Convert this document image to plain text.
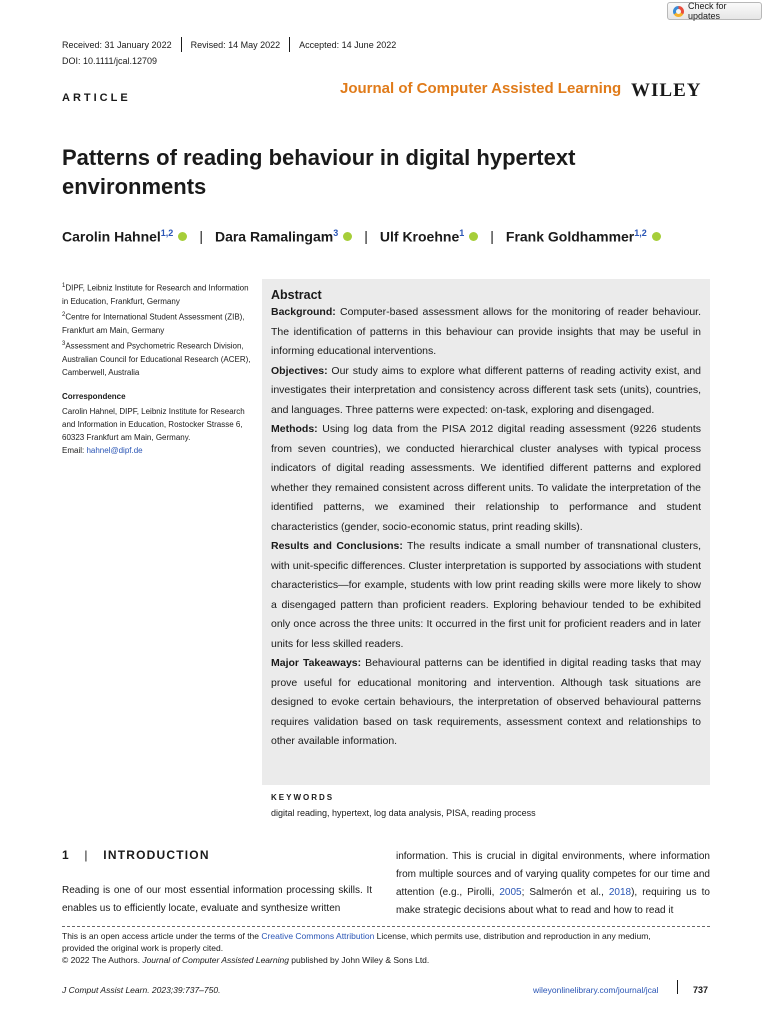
Check for updates
Received: 31 January 2022	Revised: 14 May 2022	Accepted: 14 June 2022
DOI: 10.1111/jcal.12709
ARTICLE
Journal of Computer Assisted Learning WILEY
Patterns of reading behaviour in digital hypertext environments
Carolin Hahnel$^{1,2}$	| Dara Ramalingam$^3$	| Ulf Kroehne$^1$	| Frank Goldhammer$^{1,2}$
$^1$DIPF, Leibniz Institute for Research and Information in Education, Frankfurt, Germany
$^2$Centre for International Student Assessment (ZIB), Frankfurt am Main, Germany
$^3$Assessment and Psychometric Research Division, Australian Council for Educational Research (ACER), Camberwell, Australia
Correspondence
Carolin Hahnel, DIPF, Leibniz Institute for Research and Information in Education, Rostocker Strasse 6, 60323 Frankfurt am Main, Germany.
Email: hahnel@dipf.de
Abstract

Background: Computer-based assessment allows for the monitoring of reader behaviour. The identification of patterns in this behaviour can provide insights that may be useful in informing educational interventions.

Objectives: Our study aims to explore what different patterns of reading activity exist, and investigates their interpretation and consistency across different task sets (units), countries, and languages. Three patterns were expected: on-task, exploring and disengaged.

Methods: Using log data from the PISA 2012 digital reading assessment (9226 students from seven countries), we conducted hierarchical cluster analyses with typical process indicators of digital reading assessments. We identified different patterns and explored whether they remained consistent across different units. To validate the interpretation of the identified patterns, we examined their relationship to performance and student characteristics (gender, socio-economic status, print reading skills).

Results and Conclusions: The results indicate a small number of transnational clusters, with unit-specific differences. Cluster interpretation is supported by associations with student characteristics—for example, students with low print reading skills were more likely to show a disengaged pattern than proficient readers. Exploring behaviour tended to be exhibited only once across the three units: It occurred in the first unit for proficient readers and in later units for less skilled readers.

Major Takeaways: Behavioural patterns can be identified in digital reading tasks that may prove useful for educational monitoring and intervention. Although task situations are designed to evoke certain behaviours, the interpretation of observed behavioural patterns requires validation based on task requirements, assessment context and relationships to other available information.

KEYWORDS
digital reading, hypertext, log data analysis, PISA, reading process
1 | INTRODUCTION
Reading is one of our most essential information processing skills. It enables us to efficiently locate, evaluate and synthesize written
information. This is crucial in digital environments, where information from multiple sources and of varying quality competes for our time and attention (e.g., Pirolli, 2005; Salmerón et al., 2018), requiring us to make strategic decisions about what to read and how to read it
This is an open access article under the terms of the Creative Commons Attribution License, which permits use, distribution and reproduction in any medium,
provided the original work is properly cited.
© 2022 The Authors. Journal of Computer Assisted Learning published by John Wiley & Sons Ltd.
J Comput Assist Learn. 2023;39:737–750.	wileyonlinelibrary.com/journal/jcal	737
